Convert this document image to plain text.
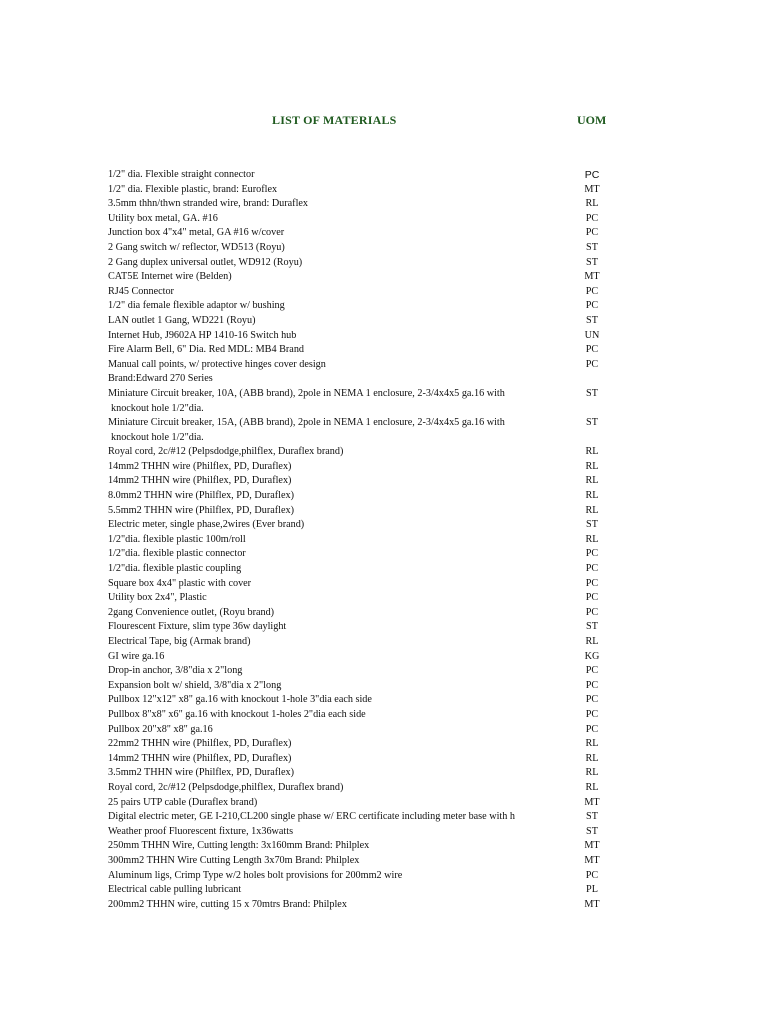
LIST OF MATERIALS	UOM
1/2" dia. Flexible straight connector	PC
1/2" dia. Flexible plastic, brand: Euroflex	MT
3.5mm thhn/thwn stranded wire, brand: Duraflex	RL
Utility box metal, GA. #16	PC
Junction box 4"x4" metal, GA #16 w/cover	PC
2 Gang switch w/ reflector, WD513 (Royu)	ST
2 Gang duplex universal outlet, WD912 (Royu)	ST
CAT5E Internet wire (Belden)	MT
RJ45 Connector	PC
1/2" dia female flexible adaptor w/ bushing	PC
LAN outlet 1 Gang, WD221 (Royu)	ST
Internet Hub, J9602A HP 1410-16 Switch hub	UN
Fire Alarm Bell, 6" Dia. Red MDL: MB4 Brand	PC
Manual call points, w/ protective hinges cover design	PC
Brand:Edward 270 Series
Miniature Circuit breaker, 10A, (ABB brand), 2pole in NEMA 1 enclosure, 2-3/4x4x5 ga.16 with	ST
knockout hole 1/2"dia.
Miniature Circuit breaker, 15A, (ABB brand), 2pole in NEMA 1 enclosure, 2-3/4x4x5 ga.16 with	ST
knockout hole 1/2"dia.
Royal cord, 2c/#12 (Pelpsdodge,philflex, Duraflex brand)	RL
14mm2 THHN wire (Philflex, PD, Duraflex)	RL
14mm2 THHN wire (Philflex, PD, Duraflex)	RL
8.0mm2 THHN wire (Philflex, PD, Duraflex)	RL
5.5mm2 THHN wire (Philflex, PD, Duraflex)	RL
Electric meter, single phase,2wires (Ever brand)	ST
1/2"dia. flexible plastic 100m/roll	RL
1/2"dia. flexible plastic connector	PC
1/2"dia. flexible plastic coupling	PC
Square box 4x4" plastic with cover	PC
Utility box 2x4", Plastic	PC
2gang Convenience outlet, (Royu brand)	PC
Flourescent Fixture, slim type 36w daylight	ST
Electrical Tape, big (Armak brand)	RL
GI wire ga.16	KG
Drop-in anchor, 3/8"dia x 2"long	PC
Expansion bolt w/ shield, 3/8"dia x 2"long	PC
Pullbox 12"x12" x8" ga.16 with knockout 1-hole 3"dia each side	PC
Pullbox 8"x8" x6" ga.16 with knockout 1-holes 2"dia each side	PC
Pullbox 20"x8" x8" ga.16	PC
22mm2 THHN wire (Philflex, PD, Duraflex)	RL
14mm2 THHN wire (Philflex, PD, Duraflex)	RL
3.5mm2 THHN wire (Philflex, PD, Duraflex)	RL
Royal cord, 2c/#12 (Pelpsdodge,philflex, Duraflex brand)	RL
25 pairs UTP cable (Duraflex brand)	MT
Digital electric meter, GE I-210,CL200 single phase w/ ERC certificate including meter base with h	ST
Weather proof Fluorescent fixture, 1x36watts	ST
250mm THHN Wire, Cutting length: 3x160mm Brand: Philplex	MT
300mm2 THHN Wire Cutting Length 3x70m Brand: Philplex	MT
Aluminum ligs, Crimp Type w/2 holes bolt provisions for 200mm2 wire	PC
Electrical cable pulling lubricant	PL
200mm2 THHN wire, cutting 15 x 70mtrs Brand: Philplex	MT
